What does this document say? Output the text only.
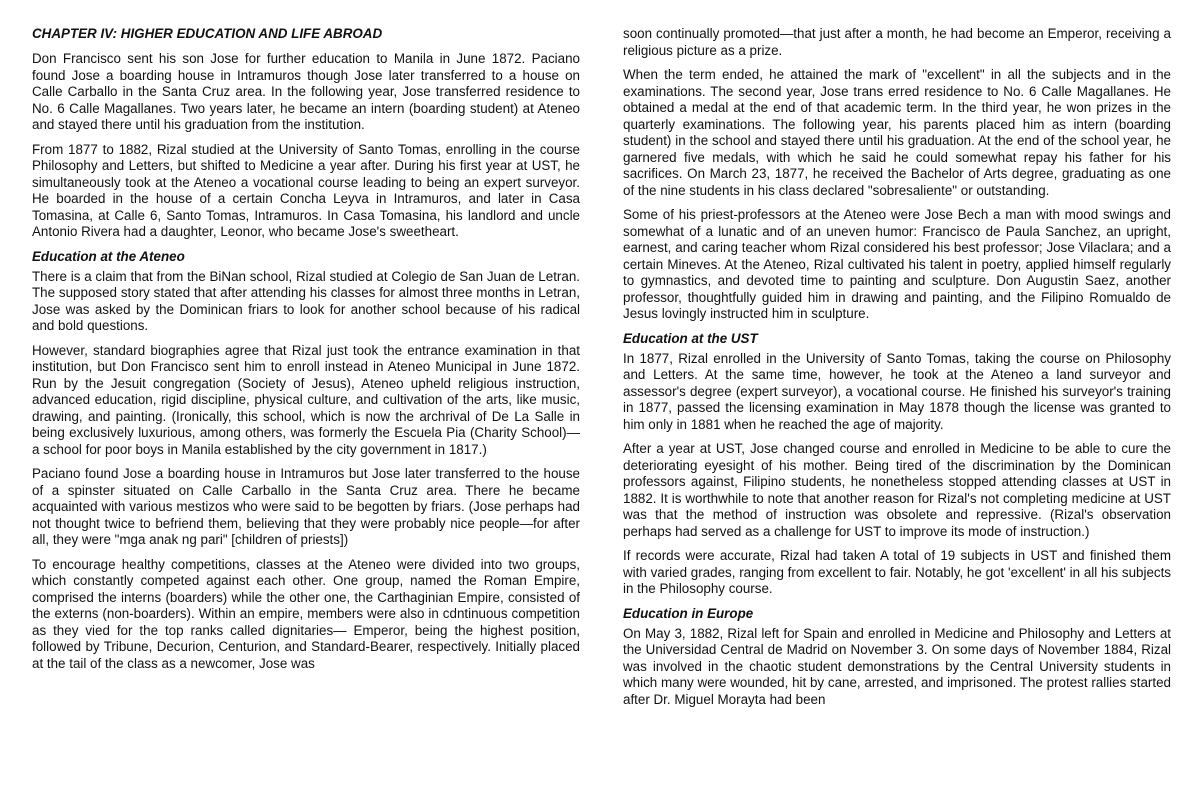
CHAPTER IV: HIGHER EDUCATION AND LIFE ABROAD

Don Francisco sent his son Jose for further education to Manila in June 1872. Paciano found Jose a boarding house in Intramuros though Jose later transferred to a house on Calle Carballo in the Santa Cruz area. In the following year, Jose transferred residence to No. 6 Calle Magallanes. Two years later, he became an intern (boarding student) at Ateneo and stayed there until his graduation from the institution.

From 1877 to 1882, Rizal studied at the University of Santo Tomas, enrolling in the course Philosophy and Letters, but shifted to Medicine a year after. During his first year at UST, he simultaneously took at the Ateneo a vocational course leading to being an expert surveyor. He boarded in the house of a certain Concha Leyva in Intramuros, and later in Casa Tomasina, at Calle 6, Santo Tomas, Intramuros. In Casa Tomasina, his landlord and uncle Antonio Rivera had a daughter, Leonor, who became Jose's sweetheart.

Education at the Ateneo

There is a claim that from the BiNan school, Rizal studied at Colegio de San Juan de Letran. The supposed story stated that after attending his classes for almost three months in Letran, Jose was asked by the Dominican friars to look for another school because of his radical and bold questions.

However, standard biographies agree that Rizal just took the entrance examination in that institution, but Don Francisco sent him to enroll instead in Ateneo Municipal in June 1872. Run by the Jesuit congregation (Society of Jesus), Ateneo upheld religious instruction, advanced education, rigid discipline, physical culture, and cultivation of the arts, like music, drawing, and painting. (Ironically, this school, which is now the archrival of De La Salle in being exclusively luxurious, among others, was formerly the Escuela Pia (Charity School)—a school for poor boys in Manila established by the city government in 1817.)

Paciano found Jose a boarding house in Intramuros but Jose later transferred to the house of a spinster situated on Calle Carballo in the Santa Cruz area. There he became acquainted with various mestizos who were said to be begotten by friars. (Jose perhaps had not thought twice to befriend them, believing that they were probably nice people—for after all, they were "mga anak ng pari" [children of priests])

To encourage healthy competitions, classes at the Ateneo were divided into two groups, which constantly competed against each other. One group, named the Roman Empire, comprised the interns (boarders) while the other one, the Carthaginian Empire, consisted of the externs (non-boarders). Within an empire, members were also in cdntinuous competition as they vied for the top ranks called dignitaries— Emperor, being the highest position, followed by Tribune, Decurion, Centurion, and Standard-Bearer, respectively. Initially placed at the tail of the class as a newcomer, Jose was

soon continually promoted—that just after a month, he had become an Emperor, receiving a religious picture as a prize.

When the term ended, he attained the mark of "excellent" in all the subjects and in the examinations. The second year, Jose trans erred residence to No. 6 Calle Magallanes. He obtained a medal at the end of that academic term. In the third year, he won prizes in the quarterly examinations. The following year, his parents placed him as intern (boarding student) in the school and stayed there until his graduation. At the end of the school year, he garnered five medals, with which he said he could somewhat repay his father for his sacrifices. On March 23, 1877, he received the Bachelor of Arts degree, graduating as one of the nine students in his class declared "sobresaliente" or outstanding.

Some of his priest-professors at the Ateneo were Jose Bech a man with mood swings and somewhat of a lunatic and of an uneven humor: Francisco de Paula Sanchez, an upright, earnest, and caring teacher whom Rizal considered his best professor; Jose Vilaclara; and a certain Mineves. At the Ateneo, Rizal cultivated his talent in poetry, applied himself regularly to gymnastics, and devoted time to painting and sculpture. Don Augustin Saez, another professor, thoughtfully guided him in drawing and painting, and the Filipino Romualdo de Jesus lovingly instructed him in sculpture.

Education at the UST

In 1877, Rizal enrolled in the University of Santo Tomas, taking the course on Philosophy and Letters. At the same time, however, he took at the Ateneo a land surveyor and assessor's degree (expert surveyor), a vocational course. He finished his surveyor's training in 1877, passed the licensing examination in May 1878 though the license was granted to him only in 1881 when he reached the age of majority.

After a year at UST, Jose changed course and enrolled in Medicine to be able to cure the deteriorating eyesight of his mother. Being tired of the discrimination by the Dominican professors against, Filipino students, he nonetheless stopped attending classes at UST in 1882. It is worthwhile to note that another reason for Rizal's not completing medicine at UST was that the method of instruction was obsolete and repressive. (Rizal's observation perhaps had served as a challenge for UST to improve its mode of instruction.)

If records were accurate, Rizal had taken A total of 19 subjects in UST and finished them with varied grades, ranging from excellent to fair. Notably, he got 'excellent' in all his subjects in the Philosophy course.

Education in Europe

On May 3, 1882, Rizal left for Spain and enrolled in Medicine and Philosophy and Letters at the Universidad Central de Madrid on November 3. On some days of November 1884, Rizal was involved in the chaotic student demonstrations by the Central University students in which many were wounded, hit by cane, arrested, and imprisoned. The protest rallies started after Dr. Miguel Morayta had been
